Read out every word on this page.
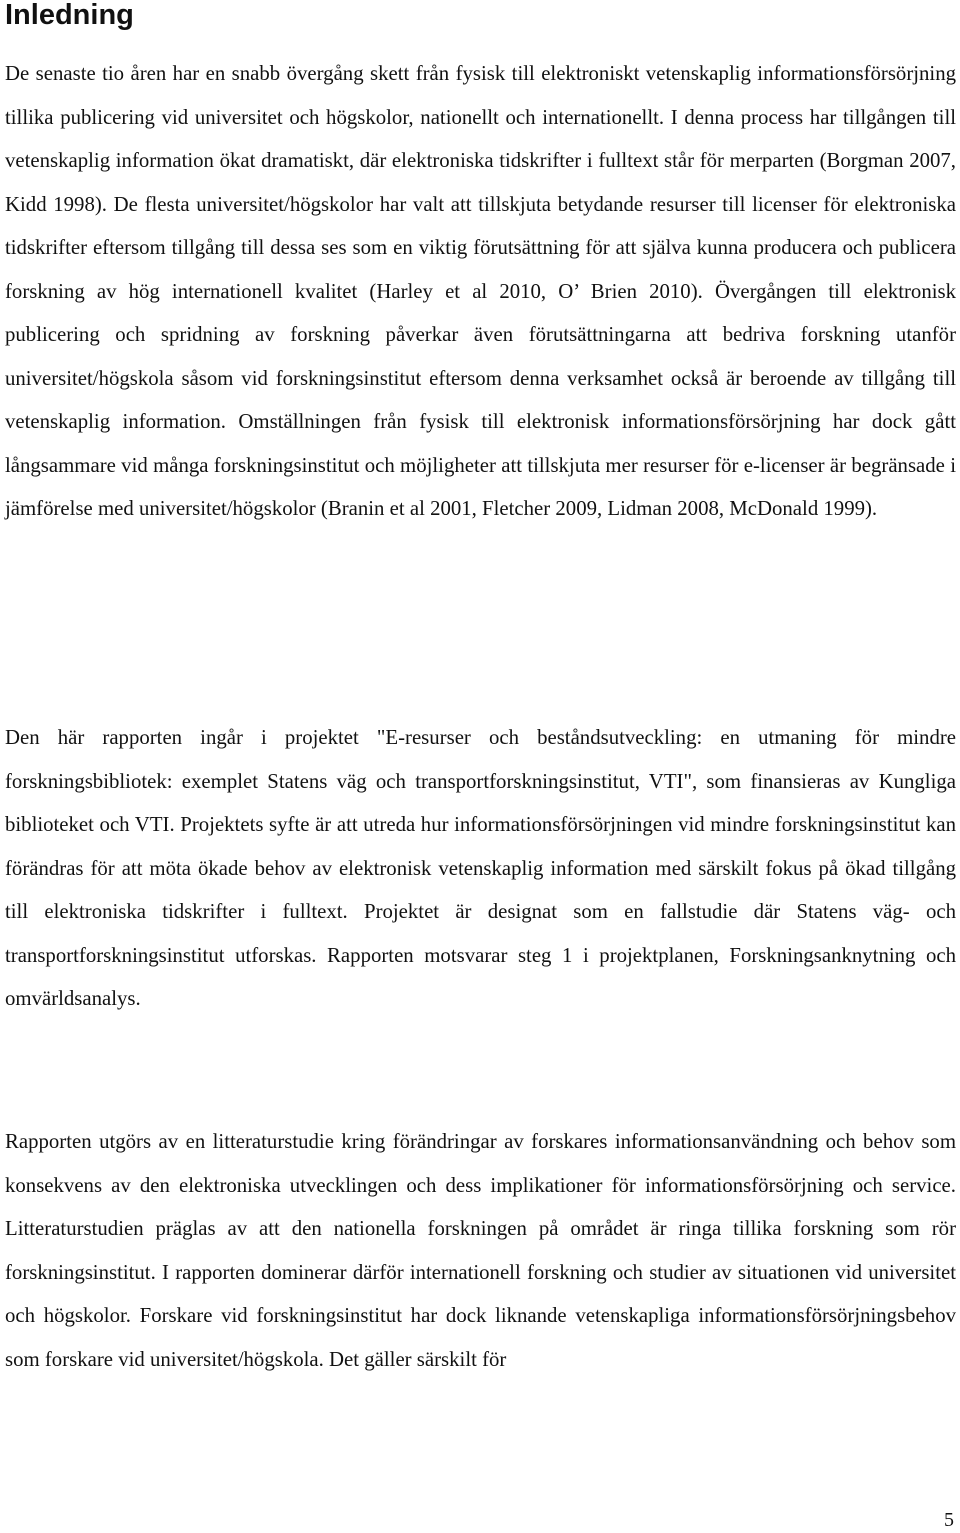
Inledning

De senaste tio åren har en snabb övergång skett från fysisk till elektroniskt vetenskaplig informationsförsörjning tillika publicering vid universitet och högskolor, nationellt och internationellt. I denna process har tillgången till vetenskaplig information ökat dramatiskt, där elektroniska tidskrifter i fulltext står för merparten (Borgman 2007, Kidd 1998). De flesta universitet/högskolor har valt att tillskjuta betydande resurser till licenser för elektroniska tidskrifter eftersom tillgång till dessa ses som en viktig förutsättning för att själva kunna producera och publicera forskning av hög internationell kvalitet (Harley et al 2010, O’ Brien 2010). Övergången till elektronisk publicering och spridning av forskning påverkar även förutsättningarna att bedriva forskning utanför universitet/högskola såsom vid forskningsinstitut eftersom denna verksamhet också är beroende av tillgång till vetenskaplig information. Omställningen från fysisk till elektronisk informationsförsörjning har dock gått långsammare vid många forskningsinstitut och möjligheter att tillskjuta mer resurser för e-licenser är begränsade i jämförelse med universitet/högskolor (Branin et al 2001, Fletcher 2009, Lidman 2008, McDonald 1999).

Den här rapporten ingår i projektet "E-resurser och beståndsutveckling: en utmaning för mindre forskningsbibliotek: exemplet Statens väg och transportforskningsinstitut, VTI", som finansieras av Kungliga biblioteket och VTI. Projektets syfte är att utreda hur informationsförsörjningen vid mindre forskningsinstitut kan förändras för att möta ökade behov av elektronisk vetenskaplig information med särskilt fokus på ökad tillgång till elektroniska tidskrifter i fulltext. Projektet är designat som en fallstudie där Statens väg- och transportforskningsinstitut utforskas. Rapporten motsvarar steg 1 i projektplanen, Forskningsanknytning och omvärldsanalys.

Rapporten utgörs av en litteraturstudie kring förändringar av forskares informationsanvändning och behov som konsekvens av den elektroniska utvecklingen och dess implikationer för informationsförsörjning och service. Litteraturstudien präglas av att den nationella forskningen på området är ringa tillika forskning som rör forskningsinstitut. I rapporten dominerar därför internationell forskning och studier av situationen vid universitet och högskolor. Forskare vid forskningsinstitut har dock liknande vetenskapliga informationsförsörjningsbehov som forskare vid universitet/högskola. Det gäller särskilt för

5
